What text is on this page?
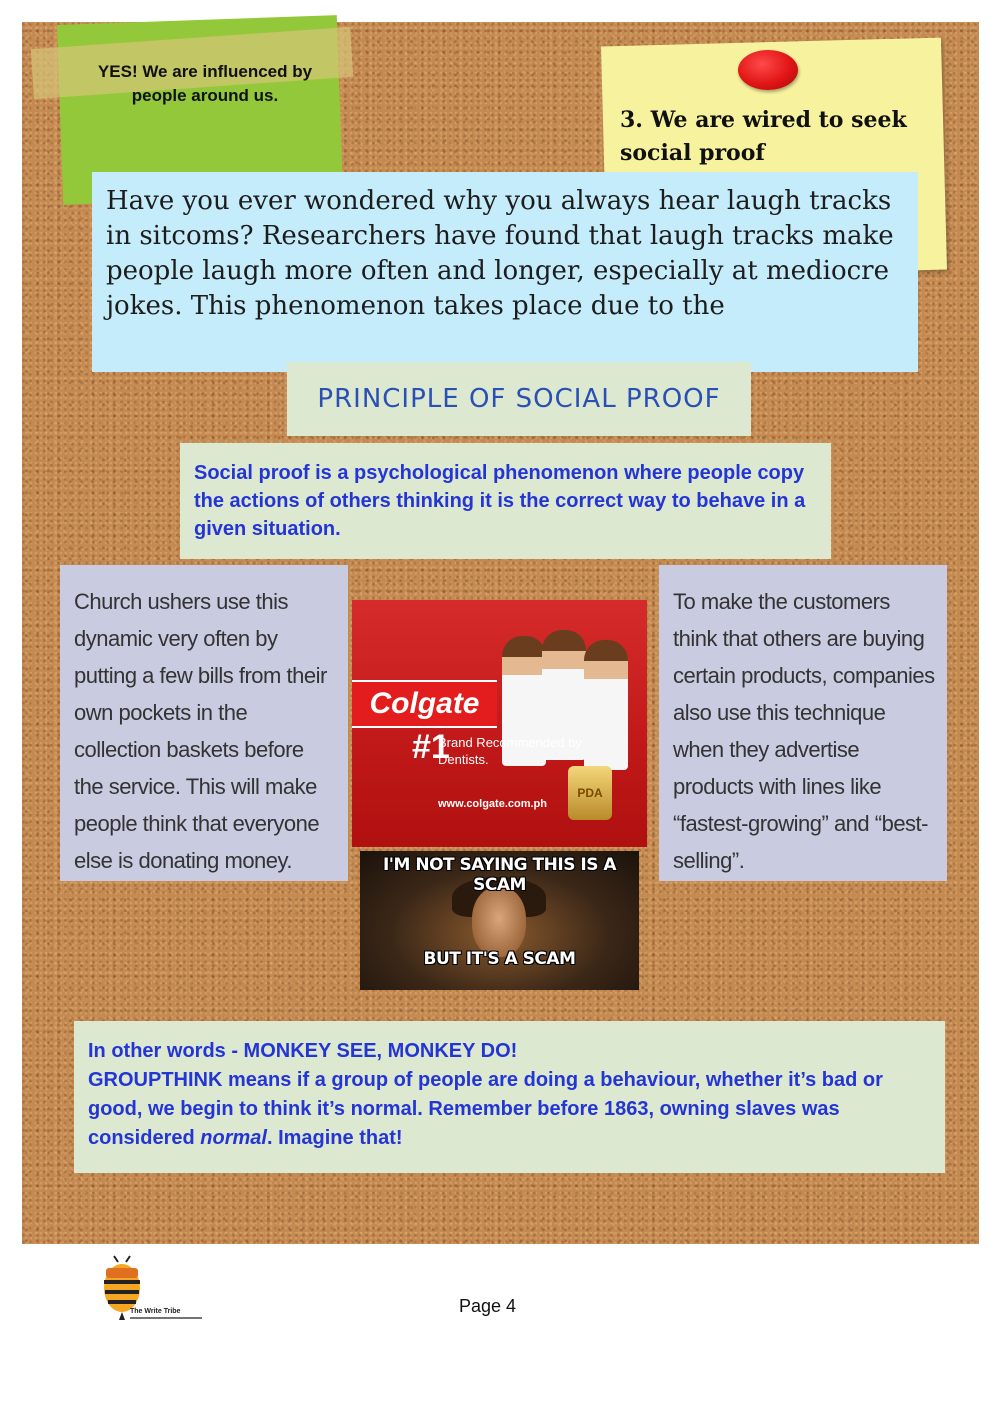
YES! We are influenced by people around us.
3. We are wired to seek social proof
Have you ever wondered why you always hear laugh tracks in sitcoms? Researchers have found that laugh tracks make people laugh more often and longer, especially at mediocre jokes. This phenomenon takes place due to the
PRINCIPLE OF SOCIAL PROOF
Social proof is a psychological phenomenon where people copy the actions of others thinking it is the correct way to behave in a given situation.
Church ushers use this dynamic very often by putting a few bills from their own pockets in the collection baskets before the service. This will make people think that everyone else is donating money.
To make the customers think that others are buying certain products, companies also use this technique when they advertise products with lines like “fastest-growing” and “best-selling”.
Colgate
#1
Brand Recommended by Dentists.
PDA
www.colgate.com.ph
I'M NOT SAYING THIS IS A SCAM
BUT IT'S A SCAM
In other words - MONKEY SEE, MONKEY DO!
GROUPTHINK means if a group of people are doing a behaviour, whether it’s bad or good, we begin to think it’s normal. Remember before 1863, owning slaves was considered normal. Imagine that!
The Write Tribe	Page 4
